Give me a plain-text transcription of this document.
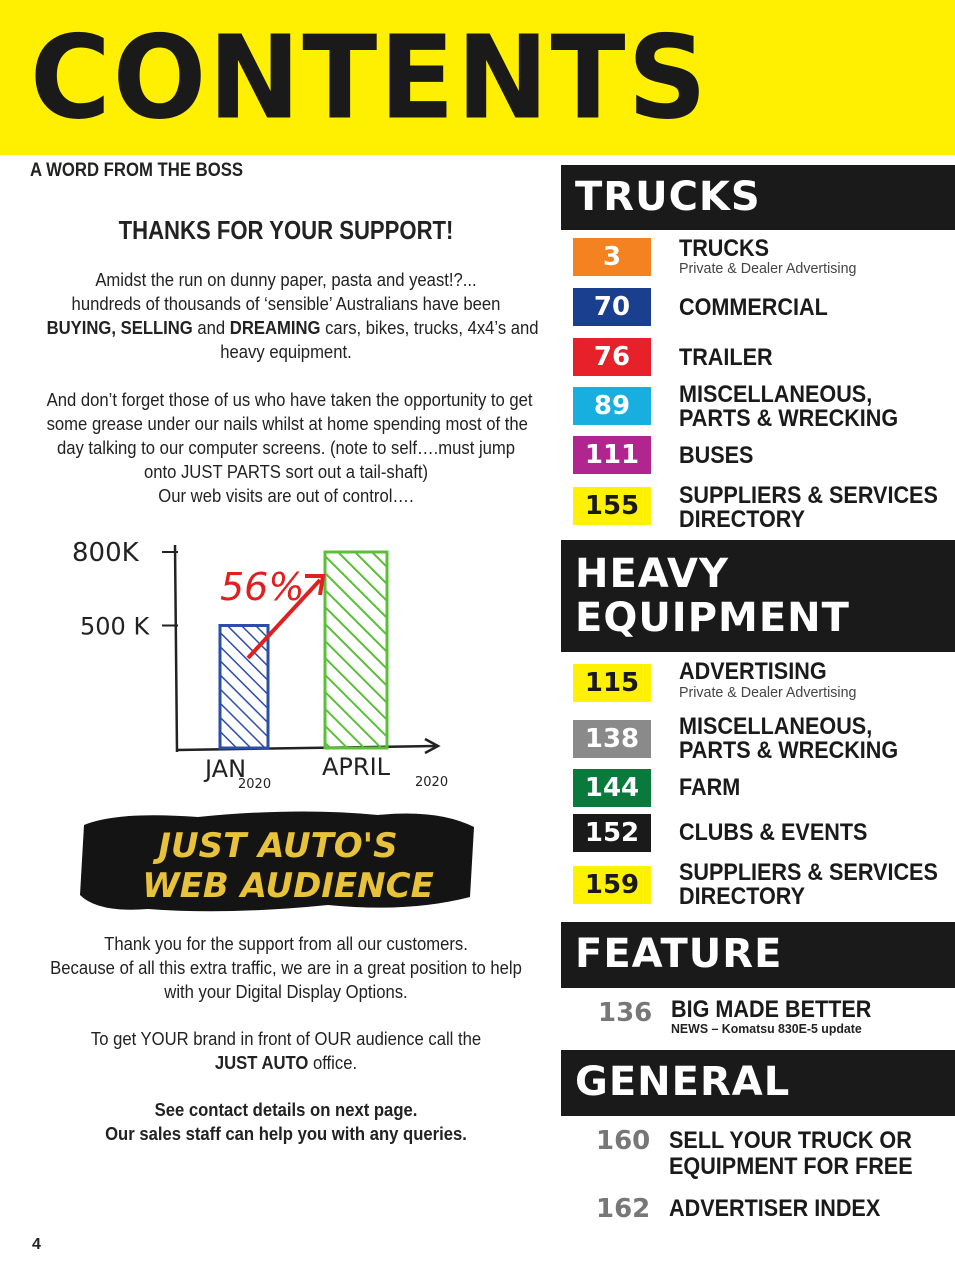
CONTENTS
A WORD FROM THE BOSS
THANKS FOR YOUR SUPPORT!
Amidst the run on dunny paper, pasta and yeast!?...
hundreds of thousands of ‘sensible’ Australians have been
BUYING, SELLING and DREAMING cars, bikes, trucks, 4x4’s and
heavy equipment.
And don’t forget those of us who have taken the opportunity to get
some grease under our nails whilst at home spending most of the
day talking to our computer screens. (note to self….must jump
onto JUST PARTS sort out a tail-shaft)
Our web visits are out of control….
800K
500 K
56%
JAN
2020
APRIL
2020
JUST AUTO'S
WEB AUDIENCE
Thank you for the support from all our customers.
Because of all this extra traffic, we are in a great position to help
with your Digital Display Options.
To get YOUR brand in front of OUR audience call the
JUST AUTO office.
See contact details on next page.
Our sales staff can help you with any queries.
4
TRUCKS
3	TRUCKS
Private & Dealer Advertising
70	COMMERCIAL
76	TRAILER
89	MISCELLANEOUS,
PARTS & WRECKING
111	BUSES
155	SUPPLIERS & SERVICES
DIRECTORY
HEAVY
EQUIPMENT
115	ADVERTISING
Private & Dealer Advertising
138	MISCELLANEOUS,
PARTS & WRECKING
144	FARM
152	CLUBS & EVENTS
159	SUPPLIERS & SERVICES
DIRECTORY
FEATURE
136 BIG MADE BETTER
NEWS – Komatsu 830E-5 update
GENERAL
160 SELL YOUR TRUCK OR
EQUIPMENT FOR FREE
162 ADVERTISER INDEX
